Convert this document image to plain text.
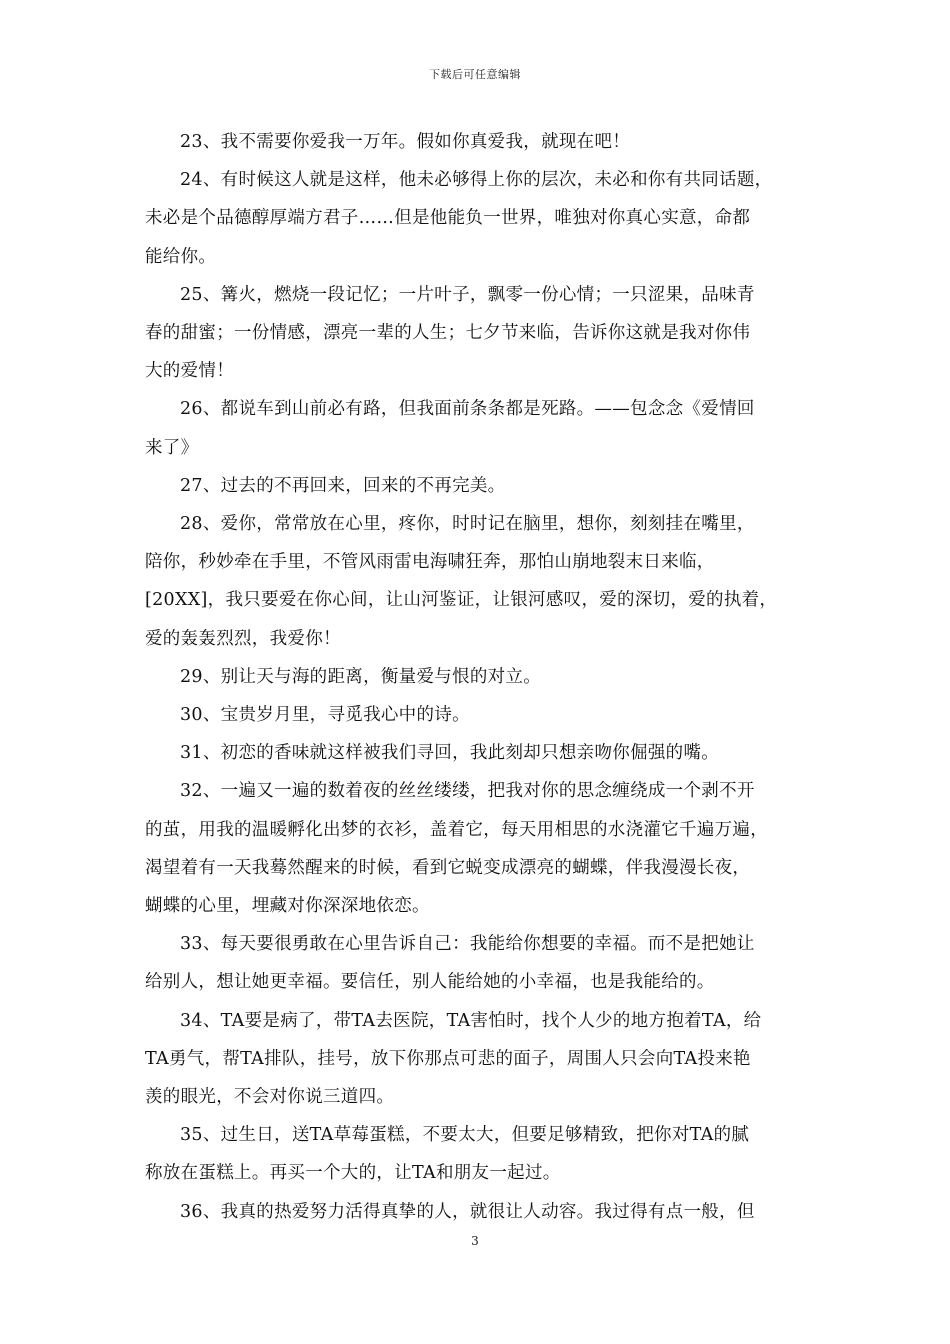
下载后可任意编辑

23、我不需要你爱我一万年。假如你真爱我，就现在吧！

24、有时候这人就是这样，他未必够得上你的层次，未必和你有共同话题，
未必是个品德醇厚端方君子……但是他能负一世界，唯独对你真心实意，命都
能给你。

25、篝火，燃烧一段记忆；一片叶子，飘零一份心情；一只涩果，品味青
春的甜蜜；一份情感，漂亮一辈的人生；七夕节来临，告诉你这就是我对你伟
大的爱情！

26、都说车到山前必有路，但我面前条条都是死路。——包念念《爱情回
来了》

27、过去的不再回来，回来的不再完美。

28、爱你，常常放在心里，疼你，时时记在脑里，想你，刻刻挂在嘴里，
陪你，秒妙牵在手里，不管风雨雷电海啸狂奔，那怕山崩地裂末日来临，
[20XX]，我只要爱在你心间，让山河鉴证，让银河感叹，爱的深切，爱的执着，
爱的轰轰烈烈，我爱你！

29、别让天与海的距离，衡量爱与恨的对立。

30、宝贵岁月里，寻觅我心中的诗。

31、初恋的香味就这样被我们寻回，我此刻却只想亲吻你倔强的嘴。

32、一遍又一遍的数着夜的丝丝缕缕，把我对你的思念缠绕成一个剥不开
的茧，用我的温暖孵化出梦的衣衫，盖着它，每天用相思的水浇灌它千遍万遍，
渴望着有一天我蓦然醒来的时候，看到它蜕变成漂亮的蝴蝶，伴我漫漫长夜，
蝴蝶的心里，埋藏对你深深地依恋。

33、每天要很勇敢在心里告诉自己：我能给你想要的幸福。而不是把她让
给别人，想让她更幸福。要信任，别人能给她的小幸福，也是我能给的。

34、TA要是病了，带TA去医院，TA害怕时，找个人少的地方抱着TA，给
TA勇气，帮TA排队，挂号，放下你那点可悲的面子，周围人只会向TA投来艳
羡的眼光，不会对你说三道四。

35、过生日，送TA草莓蛋糕，不要太大，但要足够精致，把你对TA的腻
称放在蛋糕上。再买一个大的，让TA和朋友一起过。

36、我真的热爱努力活得真挚的人，就很让人动容。我过得有点一般，但

3
